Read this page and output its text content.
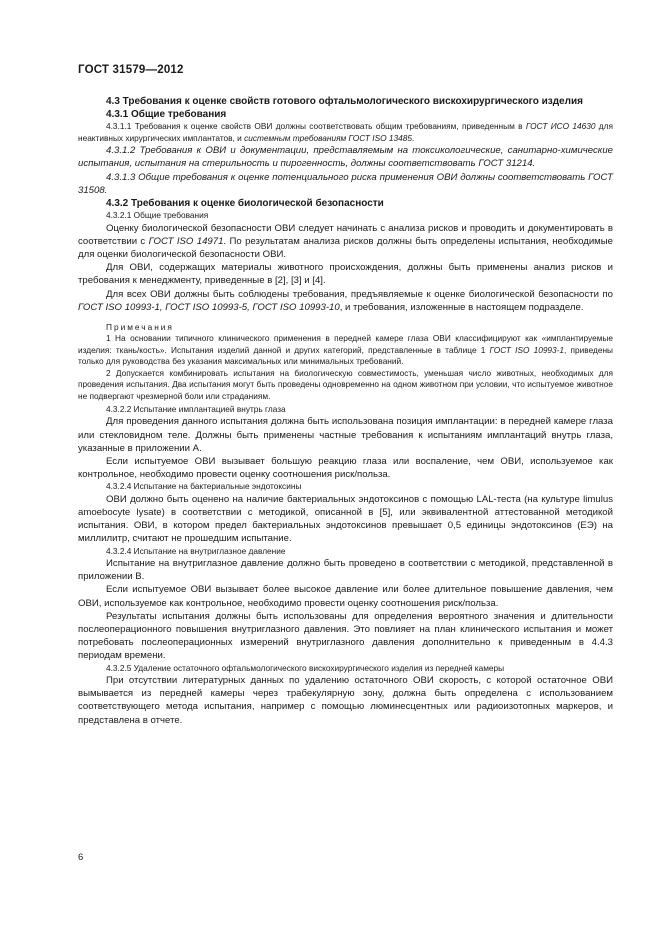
ГОСТ 31579—2012

4.3 Требования к оценке свойств готового офтальмологического вискохирургического изделия

4.3.1 Общие требования

4.3.1.1 Требования к оценке свойств ОВИ должны соответствовать общим требованиям, приведенным в ГОСТ ИСО 14630 для неактивных хирургических имплантатов, и системным требованиям ГОСТ ISO 13485.

4.3.1.2 Требования к ОВИ и документации, представляемым на токсикологические, санитарно-химические испытания, испытания на стерильность и пирогенность, должны соответствовать ГОСТ 31214.

4.3.1.3 Общие требования к оценке потенциального риска применения ОВИ должны соответствовать ГОСТ 31508.

4.3.2 Требования к оценке биологической безопасности

4.3.2.1 Общие требования

Оценку биологической безопасности ОВИ следует начинать с анализа рисков и проводить и документировать в соответствии с ГОСТ ISO 14971. По результатам анализа рисков должны быть определены испытания, необходимые для оценки биологической безопасности ОВИ.

Для ОВИ, содержащих материалы животного происхождения, должны быть применены анализ рисков и требования к менеджменту, приведенные в [2], [3] и [4].

Для всех ОВИ должны быть соблюдены требования, предъявляемые к оценке биологической безопасности по ГОСТ ISO 10993-1, ГОСТ ISO 10993-5, ГОСТ ISO 10993-10, и требования, изложенные в настоящем подразделе.

Примечания

1 На основании типичного клинического применения в передней камере глаза ОВИ классифицируют как «имплантируемые изделия: ткань/кость». Испытания изделий данной и других категорий, представленные в таблице 1 ГОСТ ISO 10993-1, приведены только для руководства без указания максимальных или минимальных требований.

2 Допускается комбинировать испытания на биологическую совместимость, уменьшая число животных, необходимых для проведения испытания. Два испытания могут быть проведены одновременно на одном животном при условии, что испытуемое животное не подвергают чрезмерной боли или страданиям.

4.3.2.2 Испытание имплантацией внутрь глаза

Для проведения данного испытания должна быть использована позиция имплантации: в передней камере глаза или стекловидном теле. Должны быть применены частные требования к испытаниям имплантаций внутрь глаза, указанные в приложении А.

Если испытуемое ОВИ вызывает большую реакцию глаза или воспаление, чем ОВИ, используемое как контрольное, необходимо провести оценку соотношения риск/польза.

4.3.2.4 Испытание на бактериальные эндотоксины

ОВИ должно быть оценено на наличие бактериальных эндотоксинов с помощью LAL-теста (на культуре limulus amoebocyte lysate) в соответствии с методикой, описанной в [5], или эквивалентной аттестованной методикой испытания. ОВИ, в котором предел бактериальных эндотоксинов превышает 0,5 единицы эндотоксинов (ЕЭ) на миллилитр, считают не прошедшим испытание.

4.3.2.4 Испытание на внутриглазное давление

Испытание на внутриглазное давление должно быть проведено в соответствии с методикой, представленной в приложении В.

Если испытуемое ОВИ вызывает более высокое давление или более длительное повышение давления, чем ОВИ, используемое как контрольное, необходимо провести оценку соотношения риск/польза.

Результаты испытания должны быть использованы для определения вероятного значения и длительности послеоперационного повышения внутриглазного давления. Это повлияет на план клинического испытания и может потребовать послеоперационных измерений внутриглазного давления дополнительно к приведенным в 4.4.3 периодам времени.

4.3.2.5 Удаление остаточного офтальмологического вискохирургического изделия из передней камеры

При отсутствии литературных данных по удалению остаточного ОВИ скорость, с которой остаточное ОВИ вымывается из передней камеры через трабекулярную зону, должна быть определена с использованием соответствующего метода испытания, например с помощью люминесцентных или радиоизотопных маркеров, и представлена в отчете.

6
